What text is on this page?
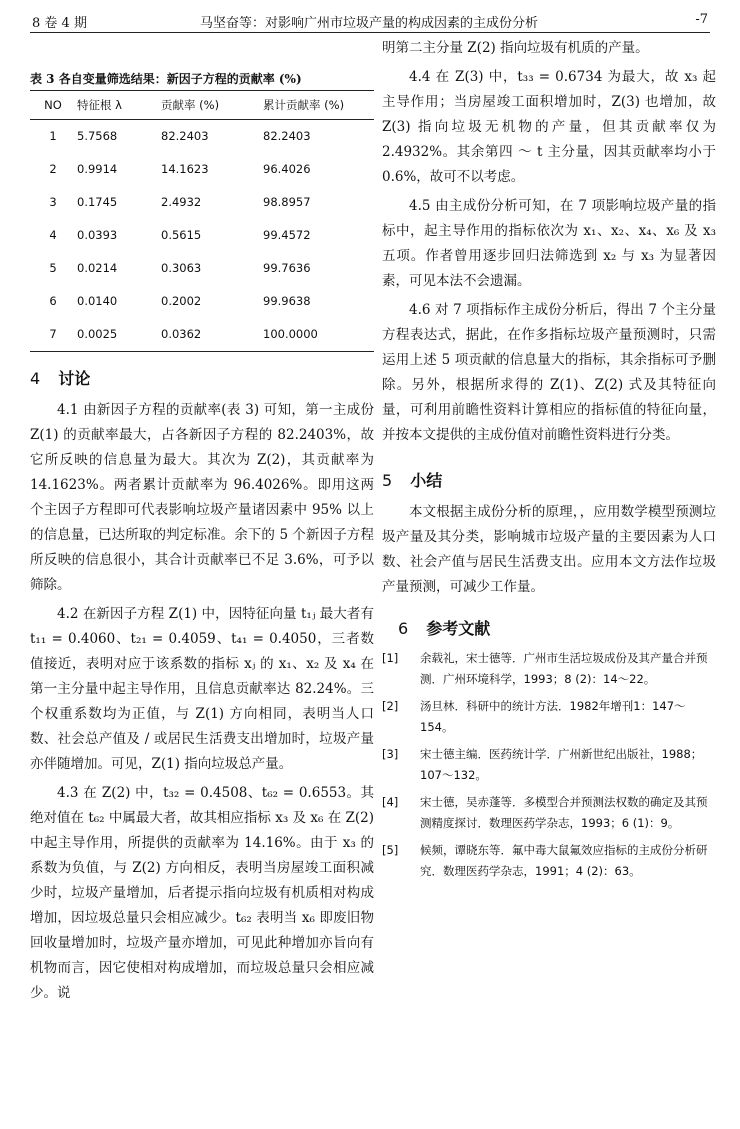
8 卷 4 期	马坚奋等：对影响广州市垃圾产量的构成因素的主成份分析	-7

表 3 各自变量筛选结果：新因子方程的贡献率 (%)

NO	特征根 λ	贡献率 (%)	累计贡献率 (%)
1	5.7568	82.2403	82.2403
2	0.9914	14.1623	96.4026
3	0.1745	2.4932	98.8957
4	0.0393	0.5615	99.4572
5	0.0214	0.3063	99.7636
6	0.0140	0.2002	99.9638
7	0.0025	0.0362	100.0000
4 讨论

4.1 由新因子方程的贡献率(表 3) 可知，第一主成份 Z(1) 的贡献率最大，占各新因子方程的 82.2403%，故它所反映的信息量为最大。其次为 Z(2)，其贡献率为 14.1623%。两者累计贡献率为 96.4026%。即用这两个主因子方程即可代表影响垃圾产量诸因素中 95% 以上的信息量，已达所取的判定标准。余下的 5 个新因子方程所反映的信息很小，其合计贡献率已不足 3.6%，可予以筛除。

4.2 在新因子方程 Z(1) 中，因特征向量 t₁ⱼ 最大者有 t₁₁ = 0.4060、t₂₁ = 0.4059、t₄₁ = 0.4050，三者数值接近，表明对应于该系数的指标 xⱼ 的 x₁、x₂ 及 x₄ 在第一主分量中起主导作用，且信息贡献率达 82.24%。三个权重系数均为正值，与 Z(1) 方向相同，表明当人口数、社会总产值及 / 或居民生活费支出增加时，垃圾产量亦伴随增加。可见，Z(1) 指向垃圾总产量。

4.3 在 Z(2) 中，t₃₂ = 0.4508、t₆₂ = 0.6553。其绝对值在 t₆₂ 中属最大者，故其相应指标 x₃ 及 x₆ 在 Z(2) 中起主导作用，所提供的贡献率为 14.16%。由于 x₃ 的系数为负值，与 Z(2) 方向相反，表明当房屋竣工面积减少时，垃圾产量增加，后者提示指向垃圾有机质相对构成增加，因垃圾总量只会相应减少。t₆₂ 表明当 x₆ 即废旧物回收量增加时，垃圾产量亦增加，可见此种增加亦旨向有机物而言，因它使相对构成增加，而垃圾总量只会相应减少。说

明第二主分量 Z(2) 指向垃圾有机质的产量。

4.4 在 Z(3) 中，t₃₃ = 0.6734 为最大，故 x₃ 起主导作用；当房屋竣工面积增加时，Z(3) 也增加，故 Z(3) 指向垃圾无机物的产量，但其贡献率仅为 2.4932%。其余第四 ～ t 主分量，因其贡献率均小于 0.6%，故可不以考虑。

4.5 由主成份分析可知，在 7 项影响垃圾产量的指标中，起主导作用的指标依次为 x₁、x₂、x₄、x₆ 及 x₃ 五项。作者曾用逐步回归法筛选到 x₂ 与 x₃ 为显著因素，可见本法不会遗漏。

4.6 对 7 项指标作主成份分析后，得出 7 个主分量方程表达式，据此，在作多指标垃圾产量预测时，只需运用上述 5 项贡献的信息量大的指标，其余指标可予删除。另外，根据所求得的 Z(1)、Z(2) 式及其特征向量，可利用前瞻性资料计算相应的指标值的特征向量，并按本文提供的主成份值对前瞻性资料进行分类。

5 小结

本文根据主成份分析的原理，，应用数学模型预测垃圾产量及其分类，影响城市垃圾产量的主要因素为人口数、社会产值与居民生活费支出。应用本文方法作垃圾产量预测，可减少工作量。

6 参考文献
[1]	余载礼，宋士德等．广州市生活垃圾成份及其产量合并预测．广州环境科学，1993；8 (2)：14～22。
[2]	汤旦林．科研中的统计方法．1982年增刊1：147～154。
[3]	宋士德主编．医药统计学．广州新世纪出版社，1988；107～132。
[4]	宋士德，吴赤蓬等．多模型合并预测法权数的确定及其预测精度探讨．数理医药学杂志，1993；6 (1)：9。
[5]	候频，谭晓东等．氟中毒大鼠氟效应指标的主成份分析研究．数理医药学杂志，1991；4 (2)：63。
